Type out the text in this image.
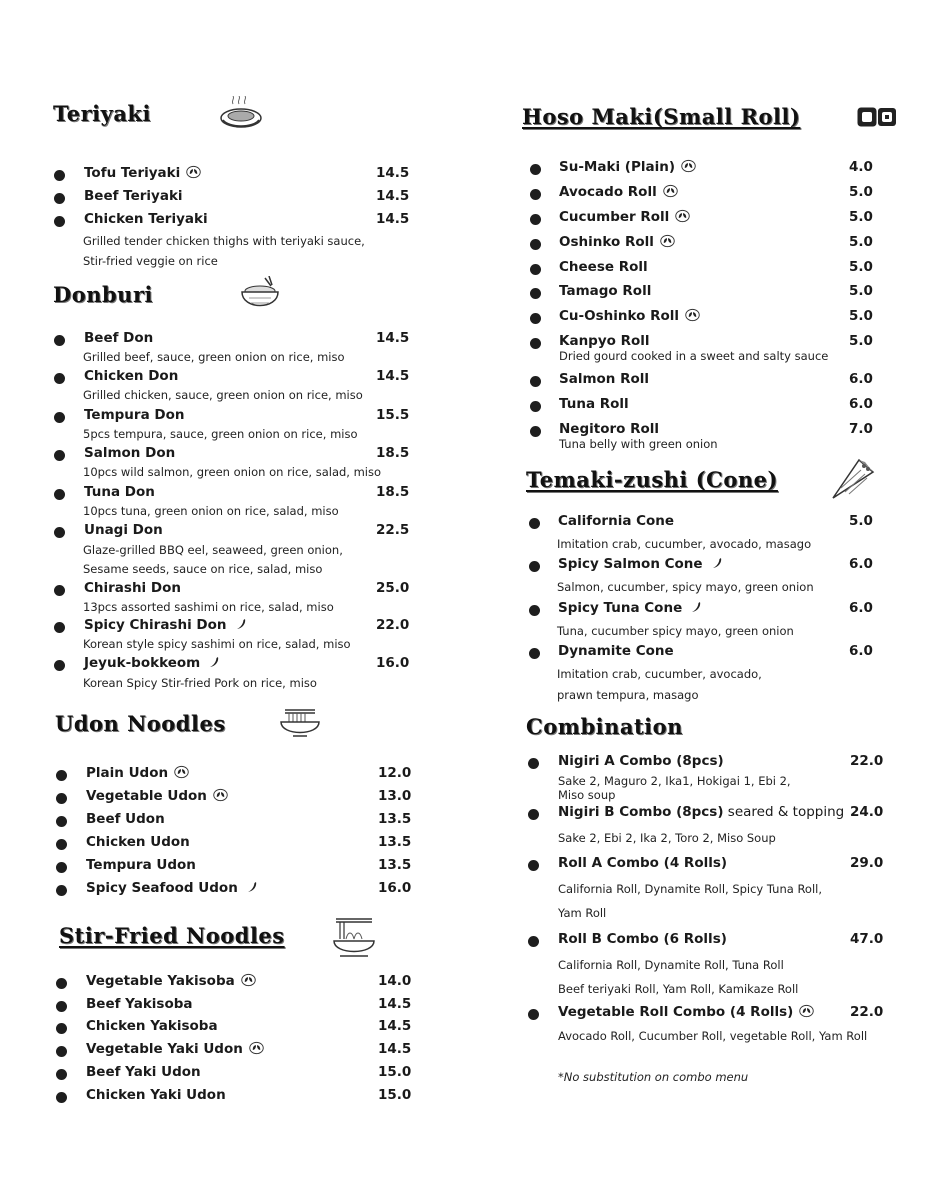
Teriyaki
Tofu Teriyaki	14.5
Beef Teriyaki	14.5
Chicken Teriyaki	14.5
Grilled tender chicken thighs with teriyaki sauce,
Stir-fried veggie on rice
Donburi
Beef Don	14.5
Grilled beef, sauce, green onion on rice, miso
Chicken Don	14.5
Grilled chicken, sauce, green onion on rice, miso
Tempura Don	15.5
5pcs tempura, sauce, green onion on rice, miso
Salmon Don	18.5
10pcs wild salmon, green onion on rice, salad, miso
Tuna Don	18.5
10pcs tuna, green onion on rice, salad, miso
Unagi Don	22.5
Glaze-grilled BBQ eel, seaweed, green onion,
Sesame seeds, sauce on rice, salad, miso
Chirashi Don	25.0
13pcs assorted sashimi on rice, salad, miso
Spicy Chirashi Don	22.0
Korean style spicy sashimi on rice, salad, miso
Jeyuk-bokkeom	16.0
Korean Spicy Stir-fried Pork on rice, miso
Udon Noodles
Plain Udon	12.0
Vegetable Udon	13.0
Beef Udon	13.5
Chicken Udon	13.5
Tempura Udon	13.5
Spicy Seafood Udon	16.0
Stir-Fried Noodles
Vegetable Yakisoba	14.0
Beef Yakisoba	14.5
Chicken Yakisoba	14.5
Vegetable Yaki Udon	14.5
Beef Yaki Udon	15.0
Chicken Yaki Udon	15.0
Hoso Maki(Small Roll)
Su-Maki (Plain)	4.0
Avocado Roll	5.0
Cucumber Roll	5.0
Oshinko Roll	5.0
Cheese Roll	5.0
Tamago Roll	5.0
Cu-Oshinko Roll	5.0
Kanpyo Roll	5.0
Dried gourd cooked in a sweet and salty sauce
Salmon Roll	6.0
Tuna Roll	6.0
Negitoro Roll	7.0
Tuna belly with green onion
Temaki-zushi (Cone)
California Cone	5.0
Imitation crab, cucumber, avocado, masago
Spicy Salmon Cone	6.0
Salmon, cucumber, spicy mayo, green onion
Spicy Tuna Cone	6.0
Tuna, cucumber spicy mayo, green onion
Dynamite Cone	6.0
Imitation crab, cucumber, avocado,
prawn tempura, masago
Combination
Nigiri A Combo (8pcs)	22.0
Sake 2, Maguro 2, Ika1, Hokigai 1, Ebi 2,
Miso soup
Nigiri B Combo (8pcs) seared & topping 24.0
Sake 2, Ebi 2, Ika 2, Toro 2, Miso Soup
Roll A Combo (4 Rolls)	29.0
California Roll, Dynamite Roll, Spicy Tuna Roll,
Yam Roll
Roll B Combo (6 Rolls)	47.0
California Roll, Dynamite Roll, Tuna Roll
Beef teriyaki Roll, Yam Roll, Kamikaze Roll
Vegetable Roll Combo (4 Rolls)	22.0
Avocado Roll, Cucumber Roll, vegetable Roll, Yam Roll
*No substitution on combo menu
